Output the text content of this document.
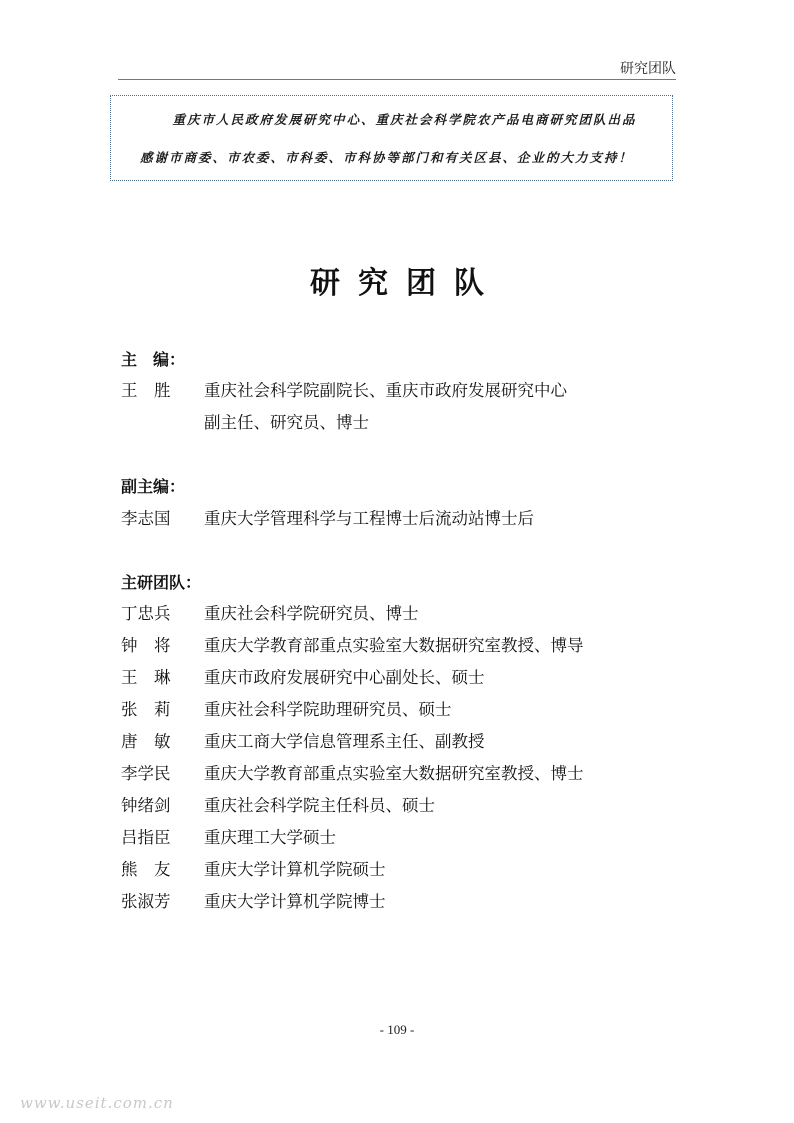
研究团队
重庆市人民政府发展研究中心、重庆社会科学院农产品电商研究团队出品
感谢市商委、市农委、市科委、市科协等部门和有关区县、企业的大力支持！
研究团队
主　编：
王　胜	重庆社会科学院副院长、重庆市政府发展研究中心
副主任、研究员、博士
副主编：
李志国	重庆大学管理科学与工程博士后流动站博士后
主研团队：
丁忠兵	重庆社会科学院研究员、博士
钟　将	重庆大学教育部重点实验室大数据研究室教授、博导
王　琳	重庆市政府发展研究中心副处长、硕士
张　莉	重庆社会科学院助理研究员、硕士
唐　敏	重庆工商大学信息管理系主任、副教授
李学民	重庆大学教育部重点实验室大数据研究室教授、博士
钟绪剑	重庆社会科学院主任科员、硕士
吕指臣	重庆理工大学硕士
熊　友	重庆大学计算机学院硕士
张淑芳	重庆大学计算机学院博士
- 109 -
www.useit.com.cn
